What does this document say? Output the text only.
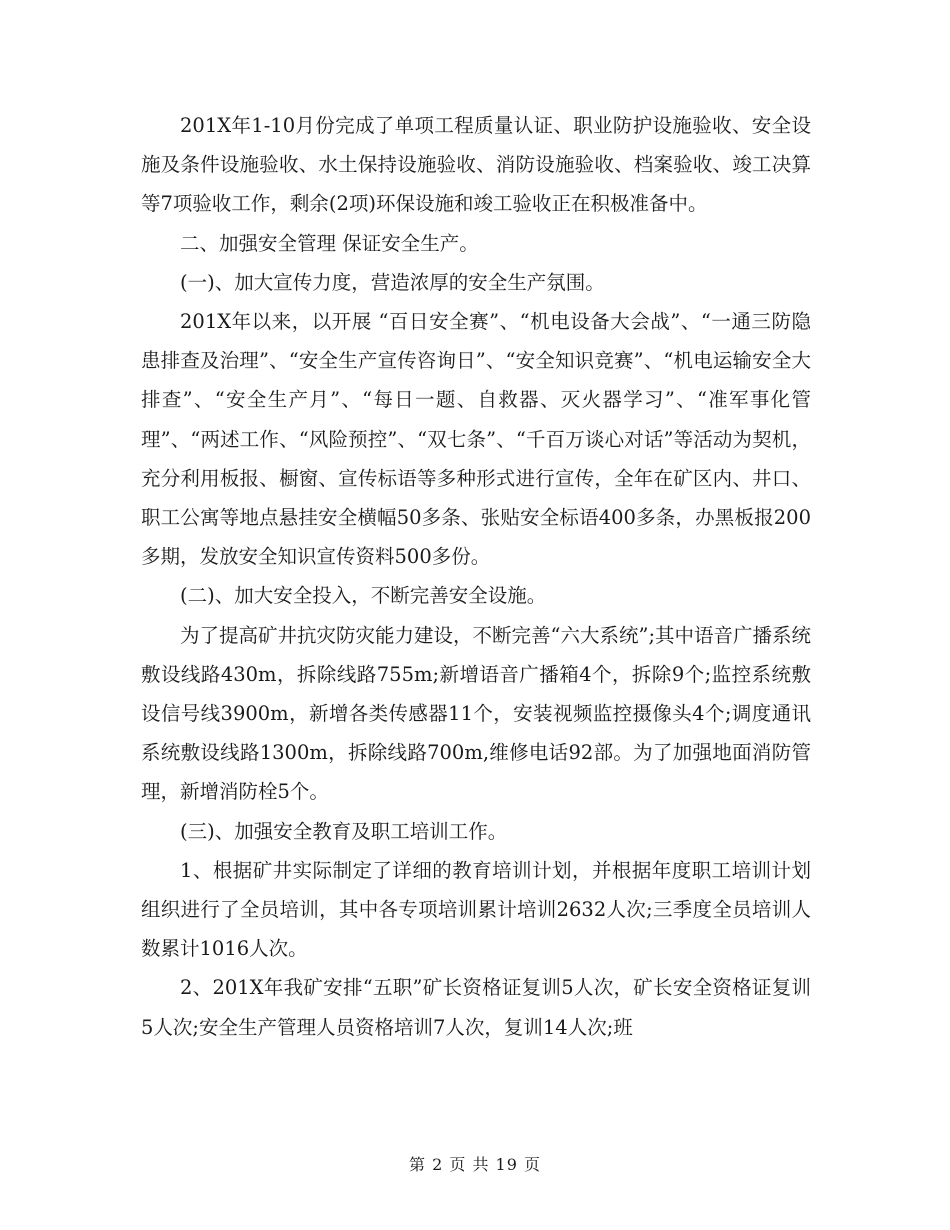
201X年1-10月份完成了单项工程质量认证、职业防护设施验收、安全设施及条件设施验收、水土保持设施验收、消防设施验收、档案验收、竣工决算等7项验收工作，剩余(2项)环保设施和竣工验收正在积极准备中。

二、加强安全管理 保证安全生产。

(一)、加大宣传力度，营造浓厚的安全生产氛围。

201X年以来，以开展 “百日安全赛”、“机电设备大会战”、“一通三防隐患排查及治理”、“安全生产宣传咨询日”、“安全知识竞赛”、“机电运输安全大排查”、“安全生产月”、“每日一题、自救器、灭火器学习”、“准军事化管理”、“两述工作、“风险预控”、“双七条”、“千百万谈心对话”等活动为契机，充分利用板报、橱窗、宣传标语等多种形式进行宣传，全年在矿区内、井口、职工公寓等地点悬挂安全横幅50多条、张贴安全标语400多条，办黑板报200多期，发放安全知识宣传资料500多份。

(二)、加大安全投入，不断完善安全设施。

为了提高矿井抗灾防灾能力建设，不断完善“六大系统”;其中语音广播系统敷设线路430m，拆除线路755m;新增语音广播箱4个，拆除9个;监控系统敷设信号线3900m，新增各类传感器11个，安装视频监控摄像头4个;调度通讯系统敷设线路1300m，拆除线路700m,维修电话92部。为了加强地面消防管理，新增消防栓5个。

(三)、加强安全教育及职工培训工作。

1、根据矿井实际制定了详细的教育培训计划，并根据年度职工培训计划组织进行了全员培训，其中各专项培训累计培训2632人次;三季度全员培训人数累计1016人次。

2、201X年我矿安排“五职”矿长资格证复训5人次，矿长安全资格证复训5人次;安全生产管理人员资格培训7人次，复训14人次;班

第 2 页 共 19 页
